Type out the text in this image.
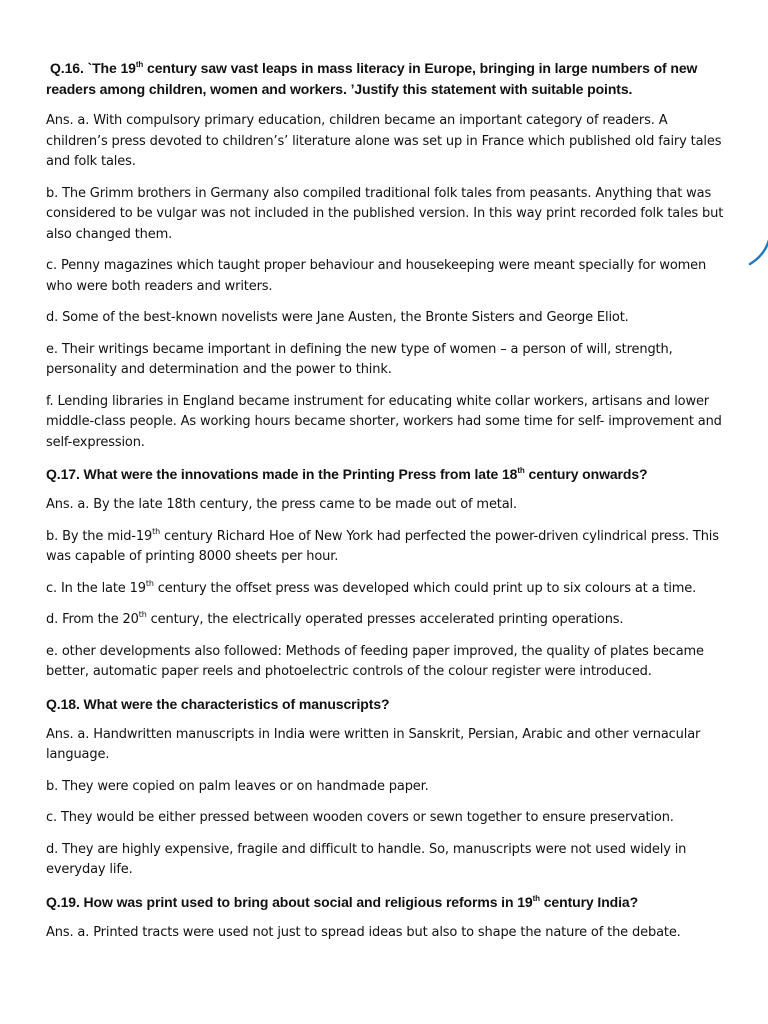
Q.16. `The 19th century saw vast leaps in mass literacy in Europe, bringing in large numbers of new readers among children, women and workers. ’Justify this statement with suitable points.
Ans. a. With compulsory primary education, children became an important category of readers. A children’s press devoted to children’s’ literature alone was set up in France which published old fairy tales and folk tales.
b. The Grimm brothers in Germany also compiled traditional folk tales from peasants. Anything that was considered to be vulgar was not included in the published version. In this way print recorded folk tales but also changed them.
c. Penny magazines which taught proper behaviour and housekeeping were meant specially for women who were both readers and writers.
d. Some of the best-known novelists were Jane Austen, the Bronte Sisters and George Eliot.
e. Their writings became important in defining the new type of women – a person of will, strength, personality and determination and the power to think.
f. Lending libraries in England became instrument for educating white collar workers, artisans and lower middle-class people. As working hours became shorter, workers had some time for self- improvement and self-expression.
Q.17. What were the innovations made in the Printing Press from late 18th century onwards?
Ans. a. By the late 18th century, the press came to be made out of metal.
b. By the mid-19th century Richard Hoe of New York had perfected the power-driven cylindrical press. This was capable of printing 8000 sheets per hour.
c. In the late 19th century the offset press was developed which could print up to six colours at a time.
d. From the 20th century, the electrically operated presses accelerated printing operations.
e. other developments also followed: Methods of feeding paper improved, the quality of plates became better, automatic paper reels and photoelectric controls of the colour register were introduced.
Q.18. What were the characteristics of manuscripts?
Ans. a. Handwritten manuscripts in India were written in Sanskrit, Persian, Arabic and other vernacular language.
b. They were copied on palm leaves or on handmade paper.
c. They would be either pressed between wooden covers or sewn together to ensure preservation.
d. They are highly expensive, fragile and difficult to handle. So, manuscripts were not used widely in everyday life.
Q.19. How was print used to bring about social and religious reforms in 19th century India?
Ans. a. Printed tracts were used not just to spread ideas but also to shape the nature of the debate.
